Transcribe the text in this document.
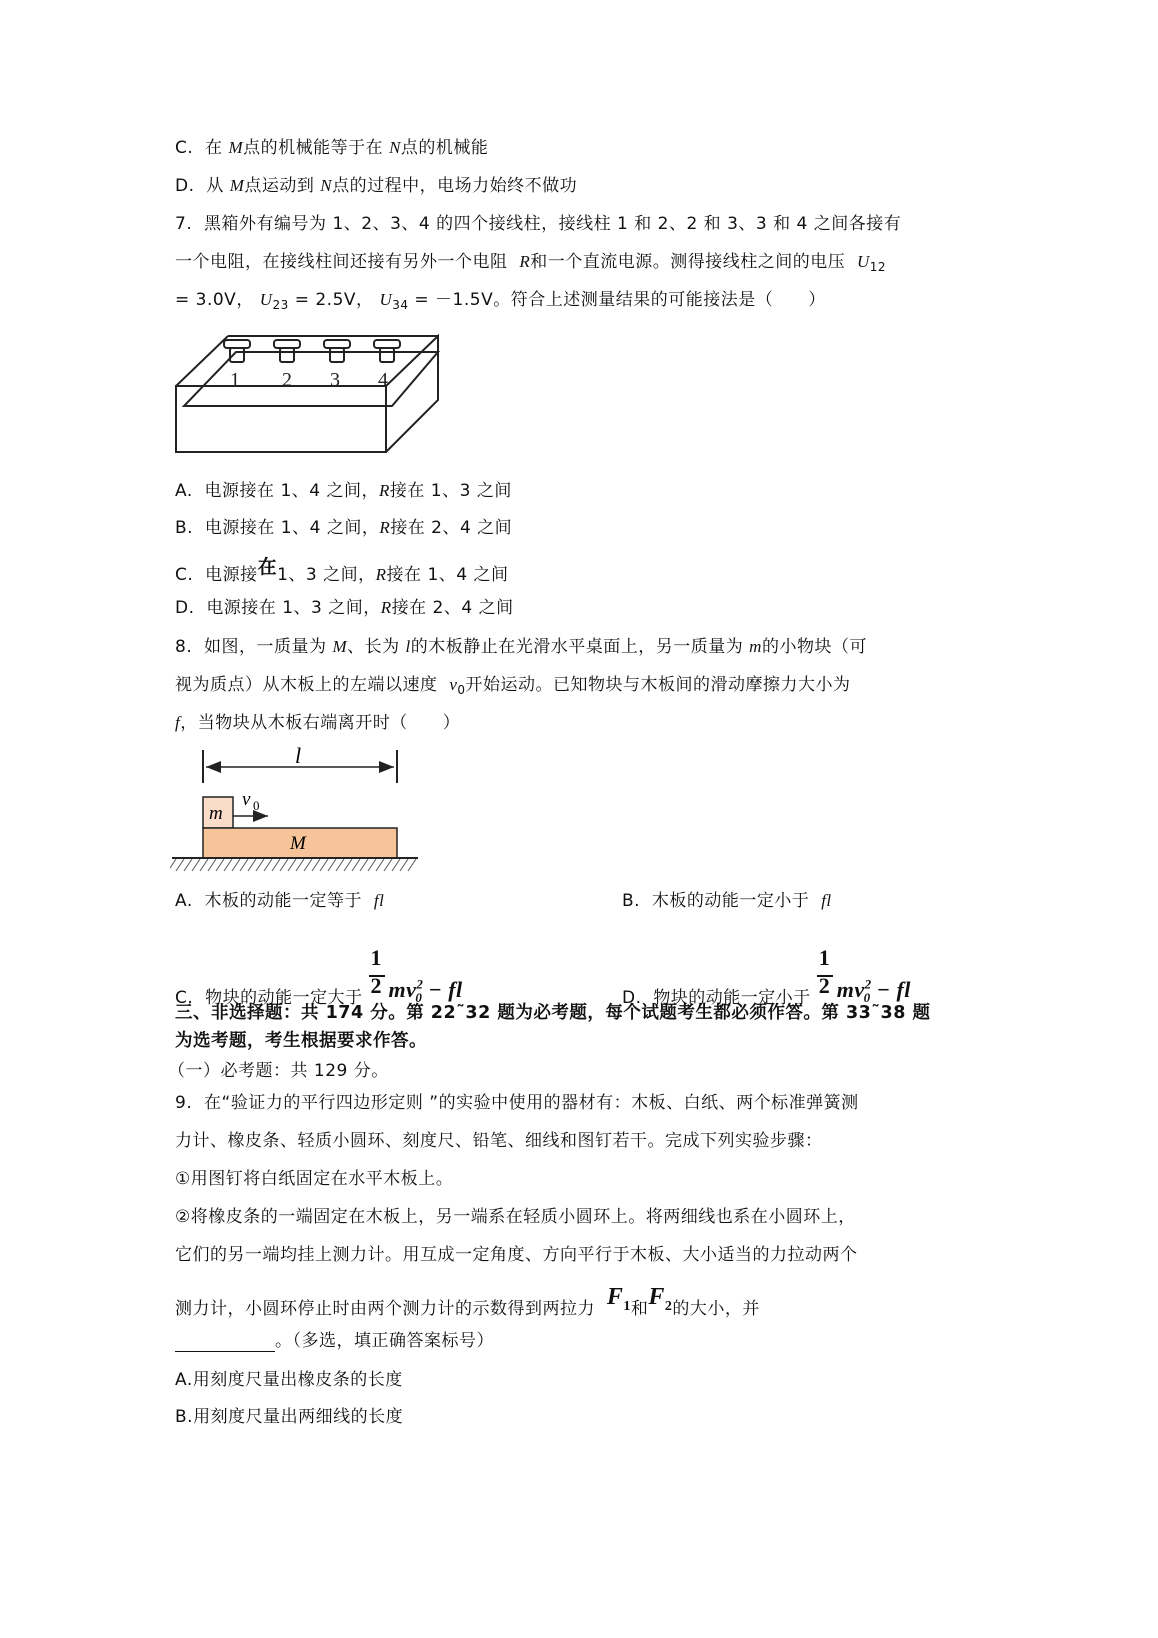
C. 在 M点的机械能等于在 N点的机械能
D. 从 M点运动到 N点的过程中，电场力始终不做功
7. 黑箱外有编号为 1、2、3、4 的四个接线柱，接线柱 1 和 2、2 和 3、3 和 4 之间各接有
一个电阻，在接线柱间还接有另外一个电阻 R和一个直流电源。测得接线柱之间的电压 $U_{12}$
= 3.0V， $U_{23} = 2.5V$， $U_{34} = -1.5V$。符合上述测量结果的可能接法是（　　）
1 2 3 4
A. 电源接在 1、4 之间，R接在 1、3 之间
B. 电源接在 1、4 之间，R接在 2、4 之间
C. 电源接在1、3 之间，R接在 1、4 之间
D. 电源接在 1、3 之间，R接在 2、4 之间
8. 如图，一质量为 M、长为 l的木板静止在光滑水平桌面上，另一质量为 m的小物块（可
视为质点）从木板上的左端以速度 $v_0$开始运动。已知物块与木板间的滑动摩擦力大小为
f，当物块从木板右端离开时（　　）
l
m
v 0
M
A. 木板的动能一定等于 fl	B. 木板的动能一定小于 fl
C. 物块的动能一定大于 $\frac{1}{2} mv^2_0$ − fl	D. 物块的动能一定小于 $\frac{1}{2} mv^2_0$ − fl
三、非选择题：共 174 分。第 22˜32 题为必考题，每个试题考生都必须作答。第 33˜38 题
为选考题，考生根据要求作答。
（一）必考题：共 129 分。
9. 在“验证力的平行四边形定则 ”的实验中使用的器材有：木板、白纸、两个标准弹簧测
力计、橡皮条、轻质小圆环、刻度尺、铅笔、细线和图钉若干。完成下列实验步骤：
①用图钉将白纸固定在水平木板上。
②将橡皮条的一端固定在木板上，另一端系在轻质小圆环上。将两细线也系在小圆环上，
它们的另一端均挂上测力计。用互成一定角度、方向平行于木板、大小适当的力拉动两个
测力计，小圆环停止时由两个测力计的示数得到两拉力 $F_1$和$F_2$的大小，并
。（多选，填正确答案标号）
A.用刻度尺量出橡皮条的长度
B.用刻度尺量出两细线的长度
